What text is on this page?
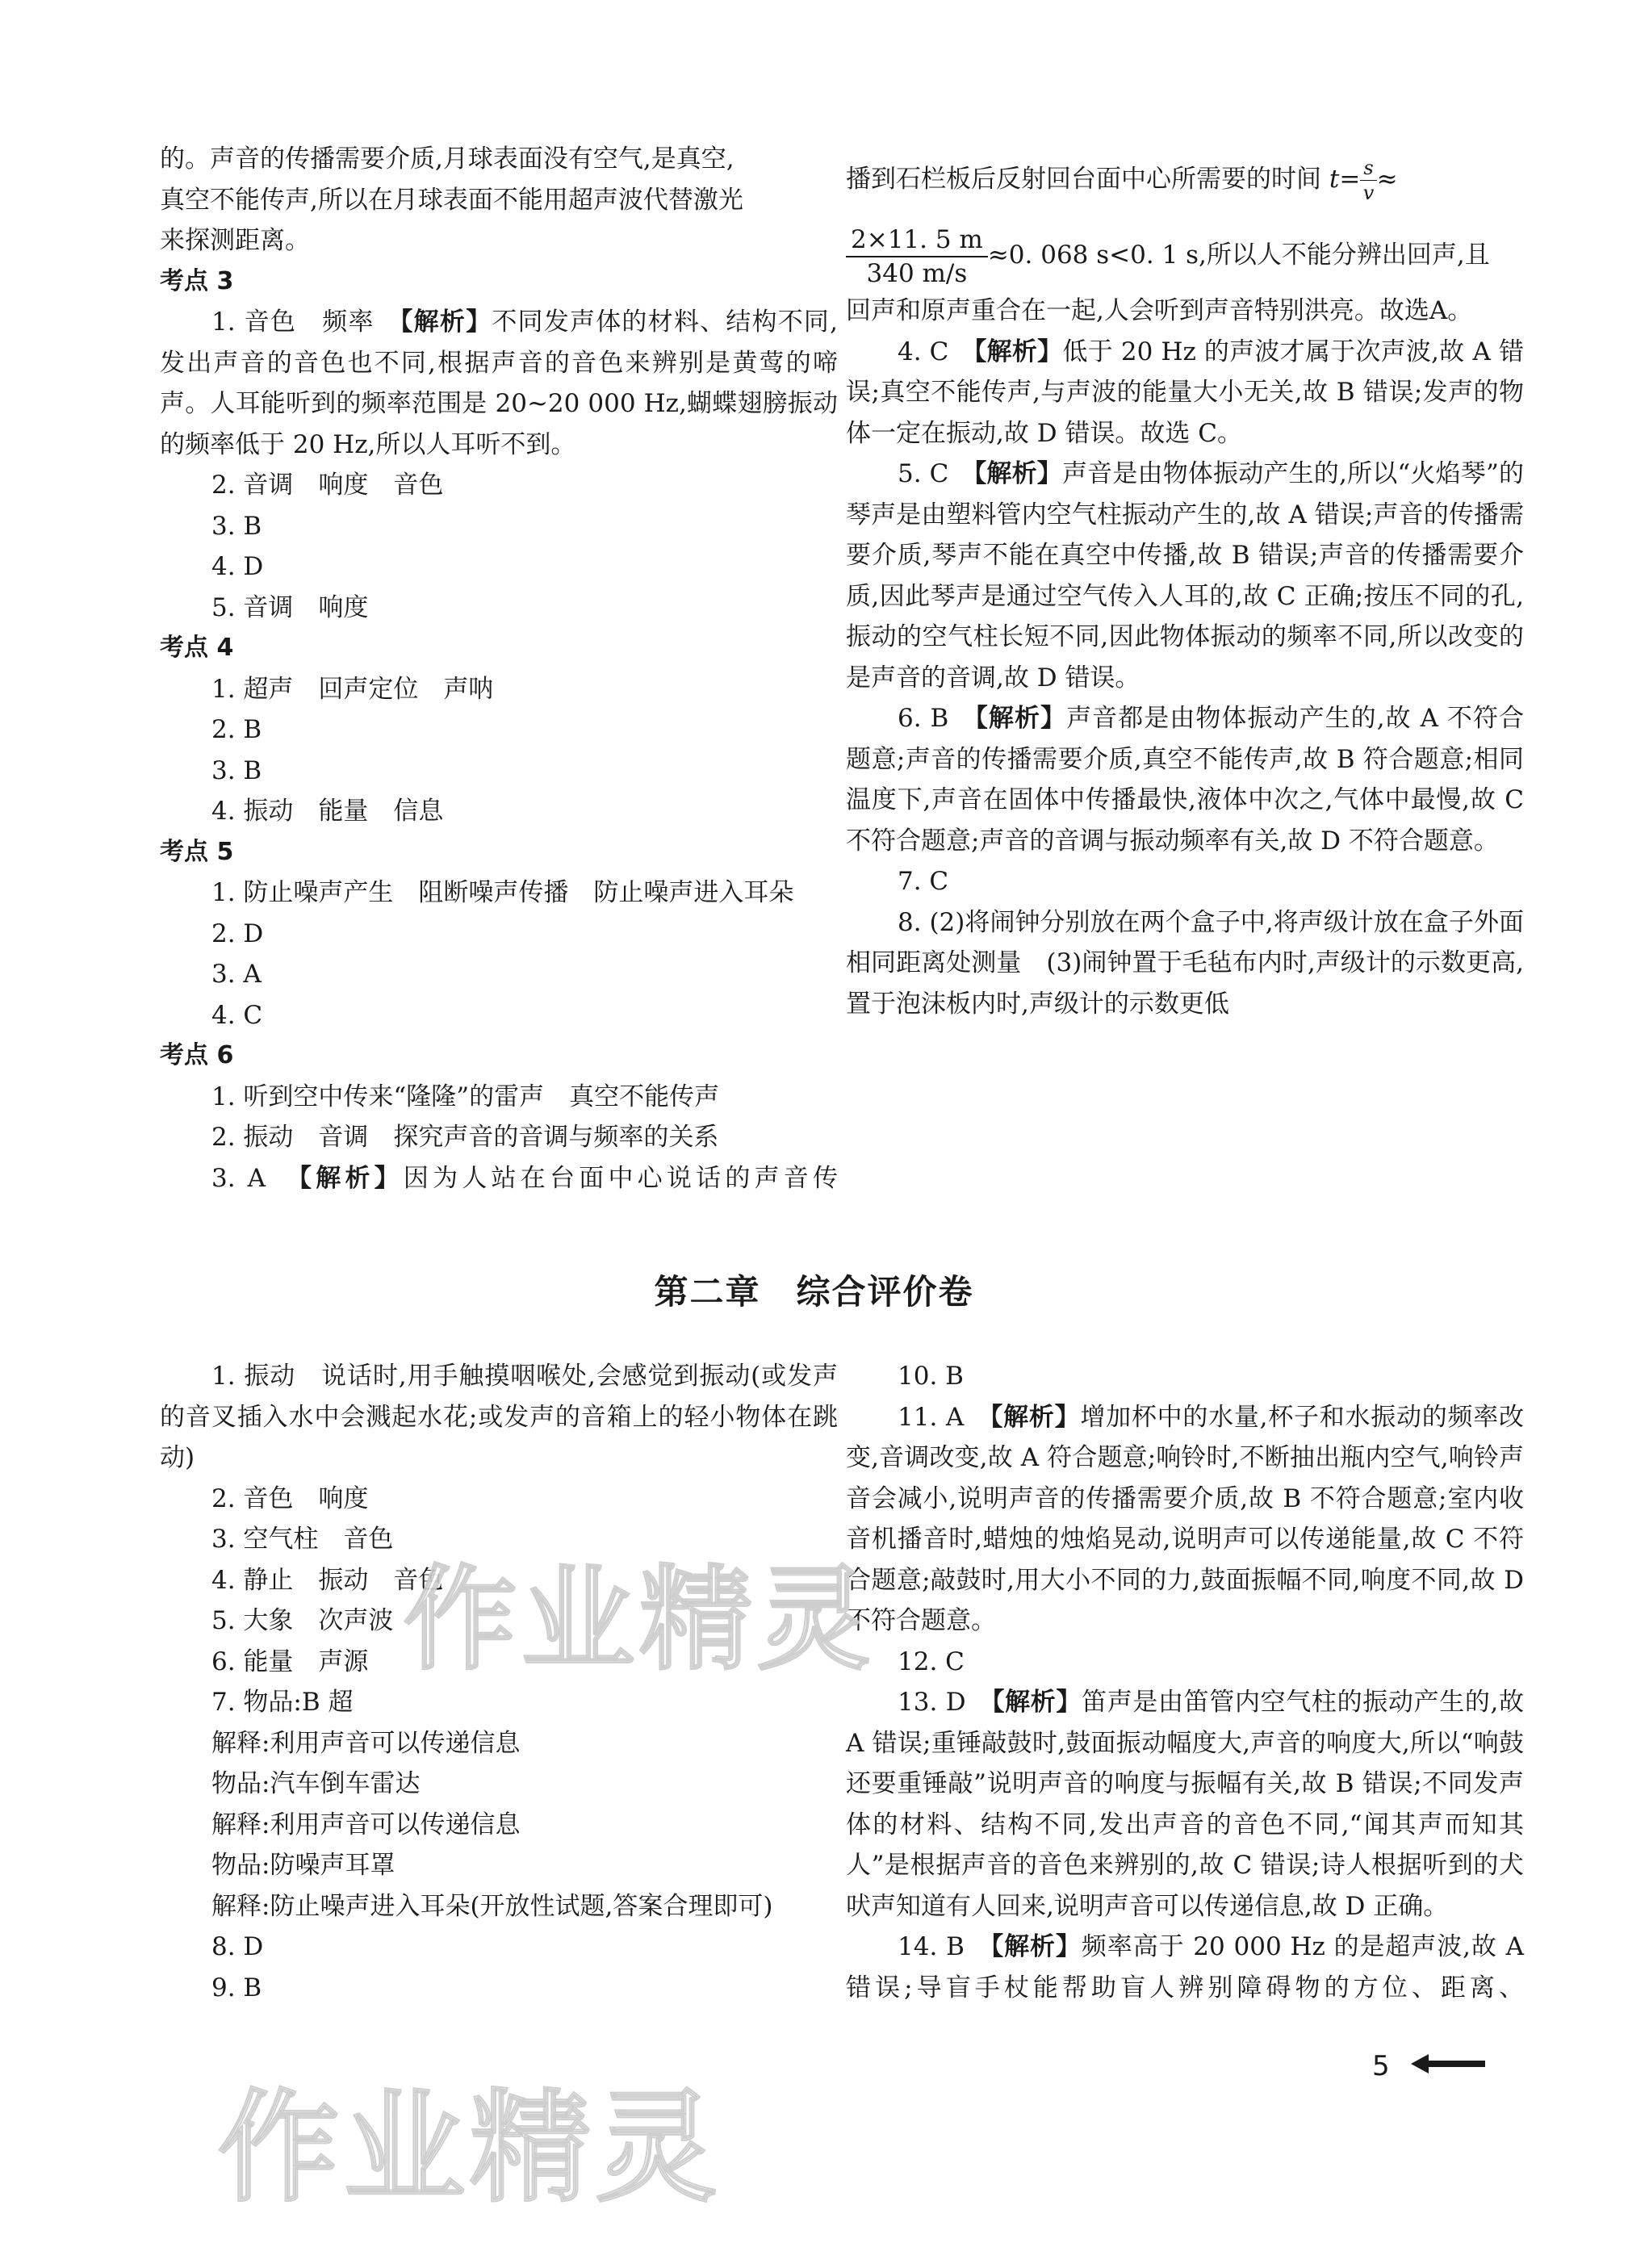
的。声音的传播需要介质,月球表面没有空气,是真空,

真空不能传声,所以在月球表面不能用超声波代替激光

来探测距离。

考点 3

1. 音色　频率　【解析】不同发声体的材料、结构不同,发出声音的音色也不同,根据声音的音色来辨别是黄莺的啼声。人耳能听到的频率范围是 20~20 000 Hz,蝴蝶翅膀振动的频率低于 20 Hz,所以人耳听不到。

2. 音调　响度　音色

3. B

4. D

5. 音调　响度

考点 4

1. 超声　回声定位　声呐

2. B

3. B

4. 振动　能量　信息

考点 5

1. 防止噪声产生　阻断噪声传播　防止噪声进入耳朵

2. D

3. A

4. C

考点 6

1. 听到空中传来“隆隆”的雷声　真空不能传声

2. 振动　音调　探究声音的音调与频率的关系

3. A　【解析】因为人站在台面中心说话的声音传

播到石栏板后反射回台面中心所需要的时间 $t= \frac{s}{v}$ ≈

$\frac{2\times 11. 5 m}{340 m/s} \approx 0$. 068 s<0. 1 s,所以人不能分辨出回声,且

回声和原声重合在一起,人会听到声音特别洪亮。故选A。

4. C　【解析】低于 20 Hz 的声波才属于次声波,故 A 错误;真空不能传声,与声波的能量大小无关,故 B 错误;发声的物体一定在振动,故 D 错误。故选 C。

5. C　【解析】声音是由物体振动产生的,所以“火焰琴”的琴声是由塑料管内空气柱振动产生的,故 A 错误;声音的传播需要介质,琴声不能在真空中传播,故 B 错误;声音的传播需要介质,因此琴声是通过空气传入人耳的,故 C 正确;按压不同的孔,振动的空气柱长短不同,因此物体振动的频率不同,所以改变的是声音的音调,故 D 错误。

6. B　【解析】声音都是由物体振动产生的,故 A 不符合题意;声音的传播需要介质,真空不能传声,故 B 符合题意;相同温度下,声音在固体中传播最快,液体中次之,气体中最慢,故 C 不符合题意;声音的音调与振动频率有关,故 D 不符合题意。

7. C

8. (2)将闹钟分别放在两个盒子中,将声级计放在盒子外面相同距离处测量　(3)闹钟置于毛毡布内时,声级计的示数更高,置于泡沫板内时,声级计的示数更低

第二章　综合评价卷

1. 振动　说话时,用手触摸咽喉处,会感觉到振动(或发声的音叉插入水中会溅起水花;或发声的音箱上的轻小物体在跳动)

2. 音色　响度

3. 空气柱　音色

4. 静止　振动　音色

5. 大象　次声波

6. 能量　声源

7. 物品:B 超

解释:利用声音可以传递信息

物品:汽车倒车雷达

解释:利用声音可以传递信息

物品:防噪声耳罩

解释:防止噪声进入耳朵(开放性试题,答案合理即可)

8. D

9. B

10. B

11. A　【解析】增加杯中的水量,杯子和水振动的频率改变,音调改变,故 A 符合题意;响铃时,不断抽出瓶内空气,响铃声音会减小,说明声音的传播需要介质,故 B 不符合题意;室内收音机播音时,蜡烛的烛焰晃动,说明声可以传递能量,故 C 不符合题意;敲鼓时,用大小不同的力,鼓面振幅不同,响度不同,故 D 不符合题意。

12. C

13. D　【解析】笛声是由笛管内空气柱的振动产生的,故 A 错误;重锤敲鼓时,鼓面振动幅度大,声音的响度大,所以“响鼓还要重锤敲”说明声音的响度与振幅有关,故 B 错误;不同发声体的材料、结构不同,发出声音的音色不同,“闻其声而知其人”是根据声音的音色来辨别的,故 C 错误;诗人根据听到的犬吠声知道有人回来,说明声音可以传递信息,故 D 正确。

14. B　【解析】频率高于 20 000 Hz 的是超声波,故 A 错误;导盲手杖能帮助盲人辨别障碍物的方位、距离、

作业精灵
作业精灵
5
